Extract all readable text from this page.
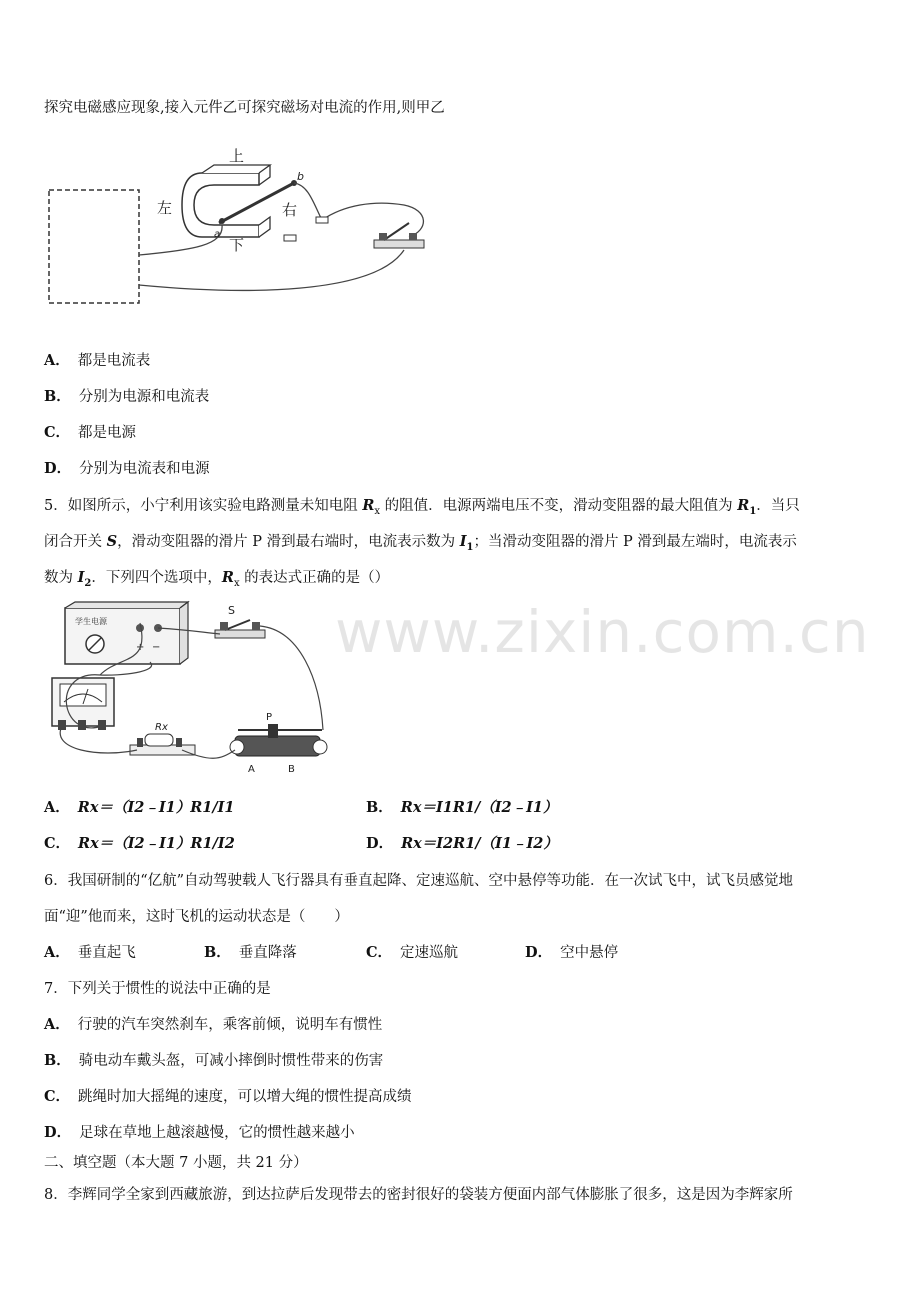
探究电磁感应现象,接入元件乙可探究磁场对电流的作用,则甲乙
上
下
左	右
b
a
A． 都是电流表
B． 分别为电源和电流表
C． 都是电源
D． 分别为电流表和电源
5．如图所示，小宁利用该实验电路测量未知电阻 $R_x$ 的阻值．电源两端电压不变，滑动变阻器的最大阻值为 $R_1$．当只
闭合开关 S，滑动变阻器的滑片 P 滑到最右端时，电流表示数为 $I_1$；当滑动变阻器的滑片 P 滑到最左端时，电流表示
数为 $I_2$．下列四个选项中，$R_x$ 的表达式正确的是（）
学生电源
+ −
S
Rx
P
A	B
www.zixin.com.cn
A． Rx＝（I2﹣I1）R1/I1	B． Rx＝I1R1/（I2﹣I1）
C． Rx＝（I2﹣I1）R1/I2	D． Rx＝I2R1/（I1﹣I2）
6．我国研制的“亿航”自动驾驶载人飞行器具有垂直起降、定速巡航、空中悬停等功能．在一次试飞中，试飞员感觉地
面“迎”他而来，这时飞机的运动状态是（　　）
A． 垂直起飞	B． 垂直降落	C． 定速巡航	D． 空中悬停
7．下列关于惯性的说法中正确的是
A． 行驶的汽车突然刹车，乘客前倾，说明车有惯性
B． 骑电动车戴头盔，可减小摔倒时惯性带来的伤害
C． 跳绳时加大摇绳的速度，可以增大绳的惯性提高成绩
D． 足球在草地上越滚越慢，它的惯性越来越小
二、填空题（本大题 7 小题，共 21 分）
8．李辉同学全家到西藏旅游，到达拉萨后发现带去的密封很好的袋装方便面内部气体膨胀了很多，这是因为李辉家所
